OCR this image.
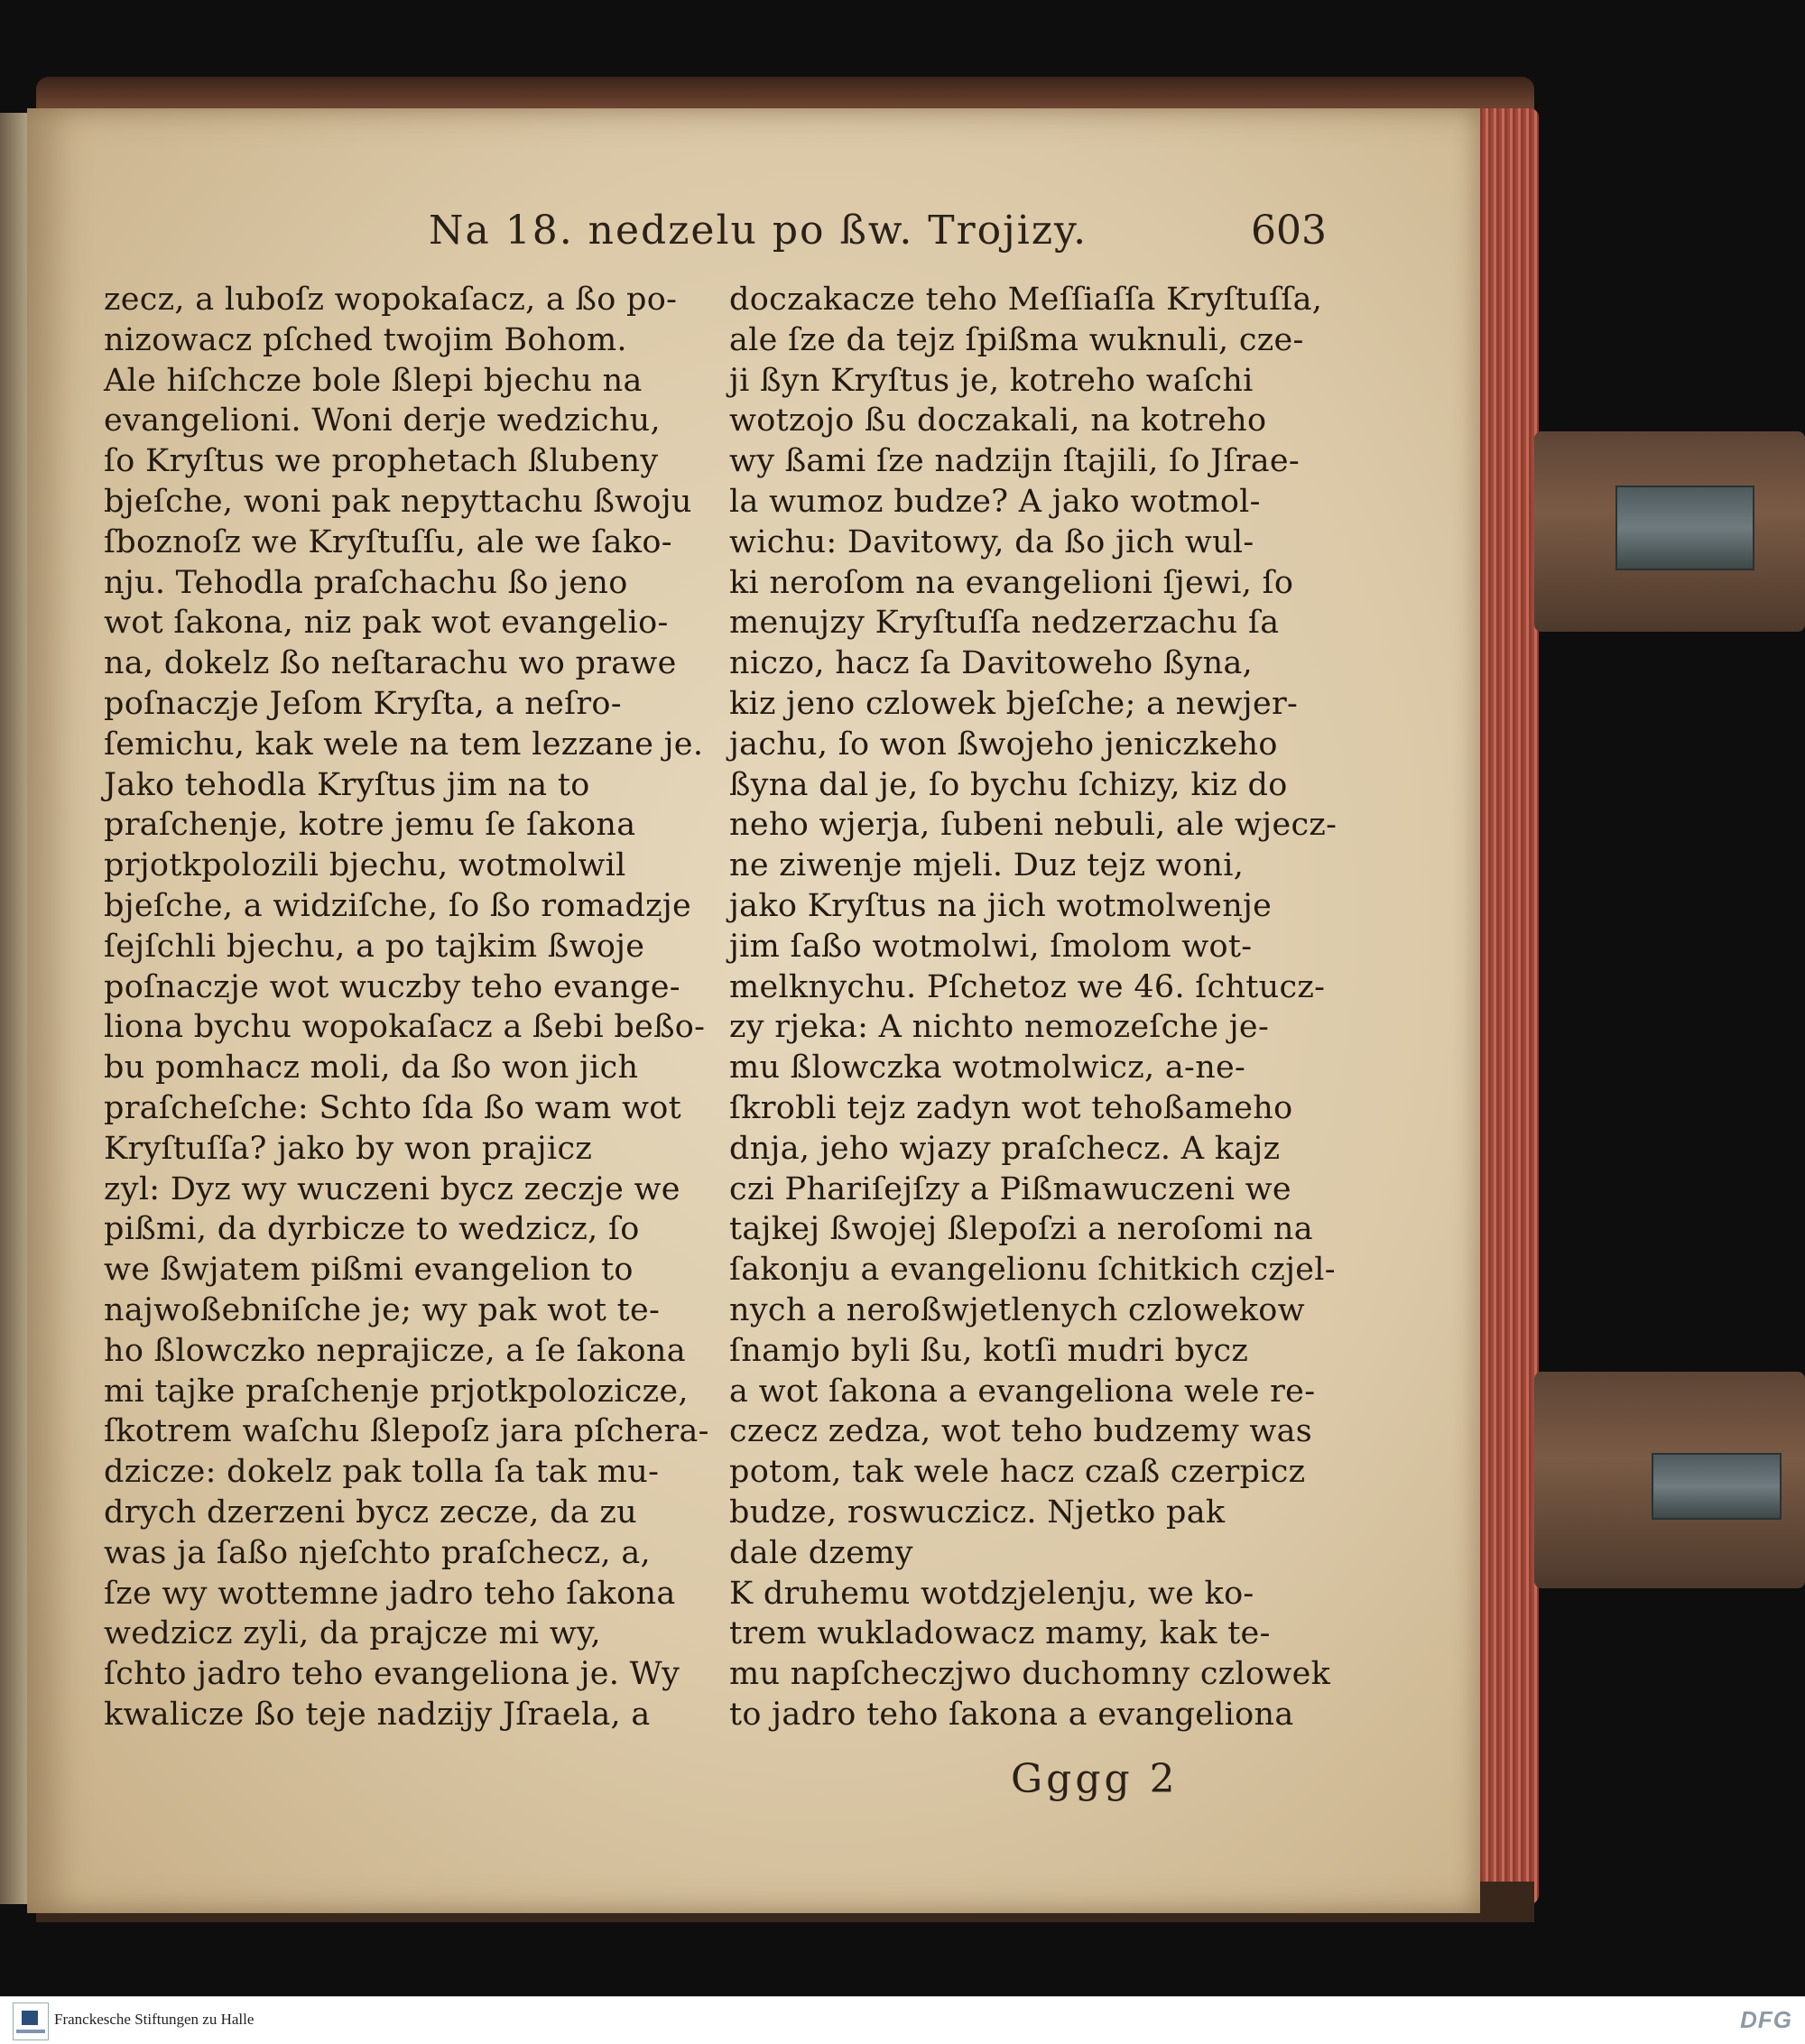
Na 18. nedzelu po ßw. Trojizy.	603
zecz, a luboſz wopokaſacz, a ßo po-
nizowacz pſched twojim Bohom.
Ale hiſchcze bole ßlepi bjechu na
evangelioni. Woni derje wedzichu,
ſo Kryſtus we prophetach ßlubeny
bjeſche, woni pak nepyttachu ßwoju
ſboznoſz we Kryſtuſſu, ale we ſako-
nju. Tehodla praſchachu ßo jeno
wot ſakona, niz pak wot evangelio-
na, dokelz ßo neſtarachu wo prawe
poſnaczje Jeſom Kryſta, a neſro-
ſemichu, kak wele na tem lezzane je.
Jako tehodla Kryſtus jim na to
praſchenje, kotre jemu ſe ſakona
prjotkpolozili bjechu, wotmolwil
bjeſche, a widziſche, ſo ßo romadzje
ſejſchli bjechu, a po tajkim ßwoje
poſnaczje wot wuczby teho evange-
liona bychu wopokaſacz a ßebi beßo-
bu pomhacz moli, da ßo won jich
praſcheſche: Schto ſda ßo wam wot
Kryſtuſſa? jako by won prajicz
zyl: Dyz wy wuczeni bycz zeczje we
pißmi, da dyrbicze to wedzicz, ſo
we ßwjatem pißmi evangelion to
najwoßebniſche je; wy pak wot te-
ho ßlowczko neprajicze, a ſe ſakona
mi tajke praſchenje prjotkpolozicze,
ſkotrem waſchu ßlepoſz jara pſchera-
dzicze: dokelz pak tolla ſa tak mu-
drych dzerzeni bycz zecze, da zu
was ja ſaßo njeſchto praſchecz, a,
ſze wy wottemne jadro teho ſakona
wedzicz zyli, da prajcze mi wy,
ſchto jadro teho evangeliona je. Wy
kwalicze ßo teje nadzijy Jſraela, a
doczakacze teho Meſſiaſſa Kryſtuſſa,
ale ſze da tejz ſpißma wuknuli, cze-
ji ßyn Kryſtus je, kotreho waſchi
wotzojo ßu doczakali, na kotreho
wy ßami ſze nadzijn ſtajili, ſo Jſrae-
la wumoz budze? A jako wotmol-
wichu: Davitowy, da ßo jich wul-
ki neroſom na evangelioni ſjewi, ſo
menujzy Kryſtuſſa nedzerzachu ſa
niczo, hacz ſa Davitoweho ßyna,
kiz jeno czlowek bjeſche; a newjer-
jachu, ſo won ßwojeho jeniczkeho
ßyna dal je, ſo bychu ſchizy, kiz do
neho wjerja, ſubeni nebuli, ale wjecz-
ne ziwenje mjeli. Duz tejz woni,
jako Kryſtus na jich wotmolwenje
jim ſaßo wotmolwi, ſmolom wot-
melknychu. Pſchetoz we 46. ſchtucz-
zy rjeka: A nichto nemozeſche je-
mu ßlowczka wotmolwicz, a-ne-
ſkrobli tejz zadyn wot tehoßameho
dnja, jeho wjazy praſchecz. A kajz
czi Phariſejſzy a Pißmawuczeni we
tajkej ßwojej ßlepoſzi a neroſomi na
ſakonju a evangelionu ſchitkich czjel-
nych a neroßwjetlenych czlowekow
ſnamjo byli ßu, kotſi mudri bycz
a wot ſakona a evangeliona wele re-
czecz zedza, wot teho budzemy was
potom, tak wele hacz czaß czerpicz
budze, roswuczicz. Njetko pak
dale dzemy
K druhemu wotdzjelenju, we ko-
trem wukladowacz mamy, kak te-
mu napſcheczjwo duchomny czlowek
to jadro teho ſakona a evangeliona
Gggg 2
Franckesche Stiftungen zu Halle	DFG
